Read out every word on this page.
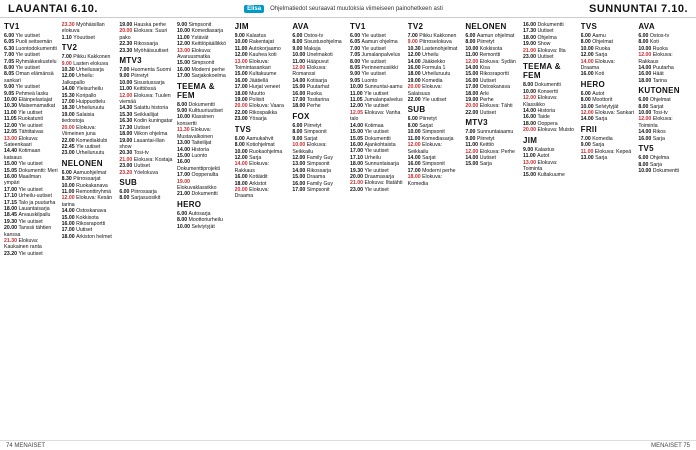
LAUANTAI 6.10.	Elisa	Ohjelmatiedot seuraavat muutoksia viimeiseen painohetkeen asti	SUNNUNTAI 7.10.
TV1

6.00 Yle uutiset

6.05 Puoli seitsemän

6.30 Luontodokumentti

7.00 Yle uutiset

7.05 Ryhmäkeskustelu

8.00 Yle uutiset

8.05 Oman elämänsä sankari

9.00 Yle uutiset

9.05 Pehmeä lasku

10.00 Eläinpelastajat

10.30 Maisemamatkat

11.00 Yle uutiset

11.05 Ruokatunti

12.00 Yle uutiset

12.05 Tähtitaivas

13.00 Elokuva: Sateenkaari

14.40 Kotimaan katsaus

15.00 Yle uutiset

15.05 Dokumentti: Meri

16.00 Maailman ympäri

17.00 Yle uutiset

17.10 Urheilu-uutiset

17.15 Talo ja puutarha

18.00 Lauantaisarja

18.45 Arvauskilpailu

19.30 Yle uutiset

20.00 Tanssii tähtien kanssa

21.30 Elokuva: Kaukainen ranta

23.20 Yle uutiset

23.30 Myöhäisillan elokuva

1.10 Yöuutiset

TV2

7.00 Pikku Kakkonen

9.00 Lasten elokuva

10.30 Urheilusarja

12.00 Urheilu: Jalkapallo

14.00 Yleisurheilu

15.30 Koripallo

17.00 Huippuottelu

18.30 Urheiluruutu

19.00 Salaisia tiedostoja

20.00 Elokuva: Viimeinen juna

22.00 Komediaklubi

22.45 Yle uutiset

23.00 Urheiluruutu

NELONEN

6.00 Aamuohjelmat

8.30 Piirrossarjat

10.00 Ruokakanava

11.00 Remonttiryhmä

12.00 Elokuva: Kesän tarina

14.00 Ostoskanava

15.00 Kokkisota

16.00 Rikosraportti

17.00 Uutiset

18.00 Arkiston helmet

19.00 Hauska perhe

20.00 Elokuva: Suuri pako

22.30 Rikossarja

23.30 Myöhäisuutiset

MTV3

7.00 Huomenta Suomi

9.00 Piirretyt

10.00 Sisustussarja

11.00 Keittiössä

12.00 Elokuva: Tuulen viemää

14.30 Salattu historia

15.30 Seikkailijat

16.30 Kodin kuningatar

17.30 Uutiset

18.00 Viikon ohjelma

19.00 Lauantai-illan show

20.30 Tosi-tv

21.00 Elokuva: Kostaja

23.00 Uutiset

23.20 Yöelokuva

SUB

6.00 Piirrossarja

8.00 Sarjasuosikit

9.00 Simpsonit

10.00 Komediasarja

11.00 Ystävät

12.00 Keittiöpäällikkö

13.00 Elokuva: Avaruusmatka

15.00 Simpsonit

16.00 Moderni perhe

17.00 Sarjakokoelma

TEEMA & FEM

8.00 Dokumentti

9.00 Kulttuuriuutiset

10.00 Klassinen konsertti

11.30 Elokuva: Mustavalkoinen

13.00 Taiteilijat

14.00 Historia

15.00 Luonto

16.00 Dokumenttiprojekti

17.00 Oopperailta

19.00 Elokuvaklassikko

21.00 Dokumentti

HERO

6.00 Autosarja

8.00 Moottoriurheilu

10.00 Selviytyjät

JIM

9.00 Kalastus

10.00 Rakentajat

11.00 Autokorjaamo

12.00 Kauhea koti

13.00 Elokuva: Toimintasankari

15.00 Kultakuume

16.00 Jäätiellä

17.00 Hurjat veneet

18.00 Muutto

19.00 Poliisit

20.00 Elokuva: Vaara

22.00 Rikospaikka

23.00 Yösarja

TVS

6.00 Aamukahvit

8.00 Kotiohjelmat

10.00 Ruokaohjelma

12.00 Sarja

14.00 Elokuva: Rakkaus

16.00 Kotiäidit

18.00 Arkistot

20.00 Elokuva: Draama

AVA

6.00 Ostos-tv

8.00 Sisustusohjelma

9.00 Makuja

10.00 Unelmakoti

11.00 Hääpuvut

12.00 Elokuva: Romanssi

14.00 Kotisarja

15.00 Puutarhat

16.00 Ruoka

17.00 Tositarina

18.00 Perhe

FOX

6.00 Piirretyt

8.00 Simpsonit

9.00 Sarjat

10.00 Elokuva: Seikkailu

12.00 Family Guy

13.00 Simpsonit

14.00 Rikossarja

15.00 Draama

16.00 Family Guy

17.00 Simpsonit

TV1

6.00 Yle uutiset

6.05 Aamun ohjelma

7.00 Yle uutiset

7.05 Jumalanpalvelus

8.00 Yle uutiset

8.05 Perinnemusiikki

9.00 Yle uutiset

9.05 Luonto

10.00 Sunnuntai-aamu

11.00 Yle uutiset

11.05 Jumalanpalvelus

12.00 Yle uutiset

12.05 Elokuva: Vanha talo

14.00 Kotimaa

15.00 Yle uutiset

15.05 Dokumentti

16.00 Ajankohtaista

17.00 Yle uutiset

17.10 Urheilu

18.00 Sunnuntaisarja

19.30 Yle uutiset

20.00 Draamasarja

21.00 Elokuva: Iltatähti

23.00 Yle uutiset

TV2

7.00 Pikku Kakkonen

9.00 Piirroselokuva

10.30 Lastenohjelmat

12.00 Urheilu

14.00 Jääkiekko

16.00 Formula 1

18.00 Urheiluruutu

19.00 Komedia

20.00 Elokuva: Salaisuus

22.00 Yle uutiset

SUB

6.00 Piirretyt

8.00 Sarjat

10.00 Simpsonit

11.00 Komediasarja

12.00 Elokuva: Seikkailu

14.00 Sarjat

16.00 Simpsonit

17.00 Moderni perhe

18.00 Elokuva: Komedia

NELONEN

6.00 Aamun ohjelmat

8.00 Piirretyt

10.00 Kokkisota

11.00 Remontti

12.00 Elokuva: Sydän

14.00 Kisa

15.00 Rikosraportti

16.00 Uutiset

17.00 Ostoskanava

18.00 Arki

19.00 Perhe

20.00 Elokuva: Tähti

22.00 Uutiset

MTV3

7.00 Sunnuntaiaamu

9.00 Piirretyt

11.00 Keittiö

12.00 Elokuva: Perhe

14.00 Uutiset

15.00 Sarja

16.00 Dokumentti

17.30 Uutiset

18.00 Ohjelma

19.00 Show

21.00 Elokuva: Ilta

23.00 Uutiset

TEEMA & FEM

8.00 Dokumentti

10.00 Konsertti

12.00 Elokuva: Klassikko

14.00 Historia

16.00 Taide

18.00 Ooppera

20.00 Elokuva: Muisto

JIM

9.00 Kalastus

11.00 Autot

13.00 Elokuva: Toiminta

15.00 Kultakuume

TVS

6.00 Aamu

8.00 Ohjelmat

10.00 Ruoka

12.00 Sarja

14.00 Elokuva: Draama

16.00 Koti

HERO

6.00 Autot

8.00 Moottorit

10.00 Selviytyjät

12.00 Elokuva: Sankari

14.00 Sarja

FRII

7.00 Komedia

9.00 Sarja

11.00 Elokuva: Kepeä

13.00 Sarja

AVA

6.00 Ostos-tv

8.00 Koti

10.00 Ruoka

12.00 Elokuva: Rakkaus

14.00 Puutarha

16.00 Häät

18.00 Tarina

KUTONEN

6.00 Ohjelmat

8.00 Sarjat

10.00 Tosi-tv

12.00 Elokuva: Toiminta

14.00 Rikos

16.00 Sarja

TV5

6.00 Ohjelma

8.00 Sarja

10.00 Dokumentti

74 MENAISET	MENAISET 75
